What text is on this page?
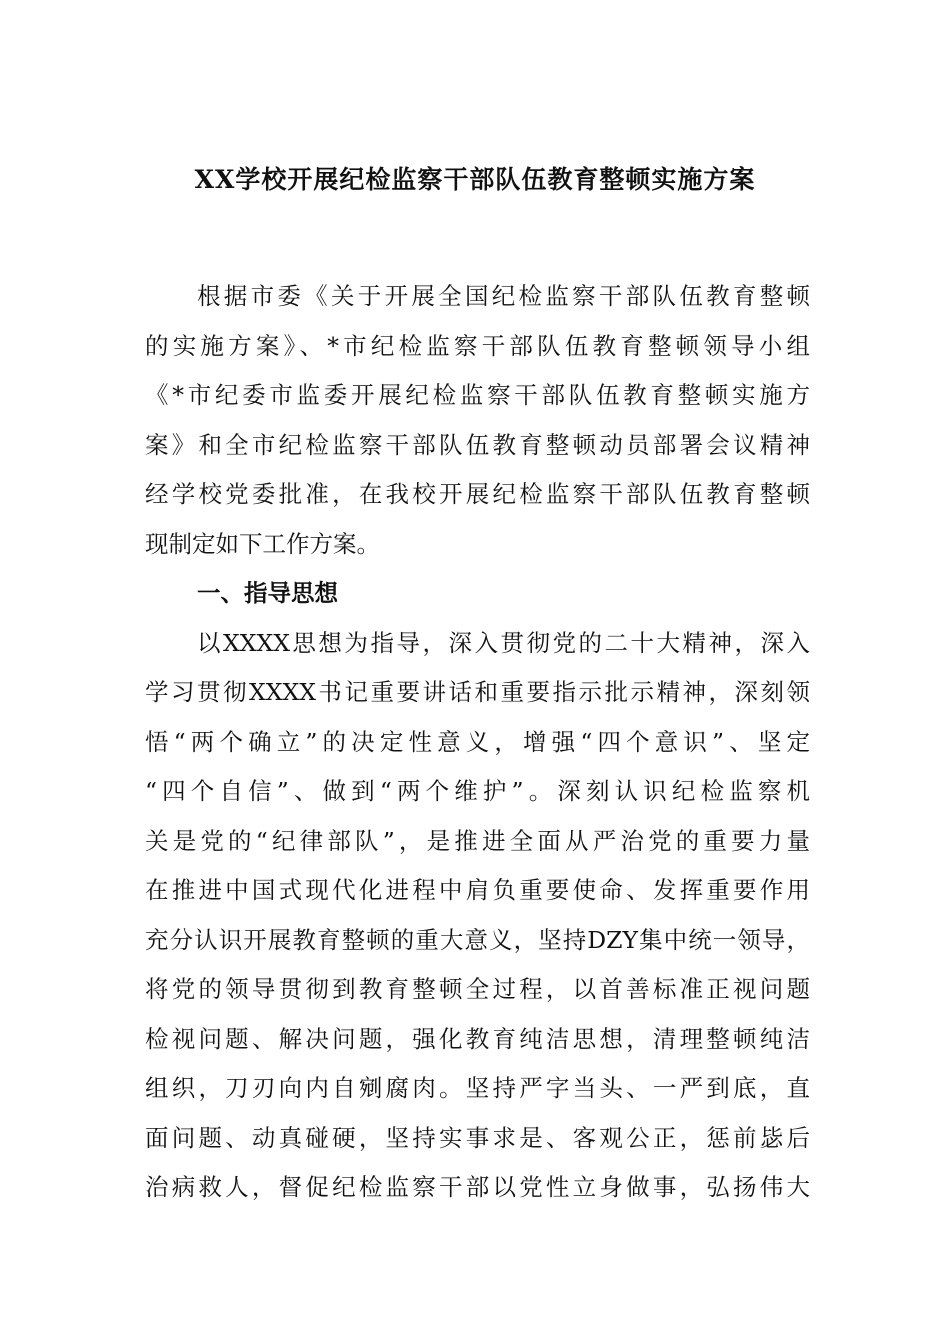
XX学校开展纪检监察干部队伍教育整顿实施方案
根据市委《关于开展全国纪检监察干部队伍教育整顿
的实施方案》、*市纪检监察干部队伍教育整顿领导小组
《*市纪委市监委开展纪检监察干部队伍教育整顿实施方
案》和全市纪检监察干部队伍教育整顿动员部署会议精神
经学校党委批准，在我校开展纪检监察干部队伍教育整顿
现制定如下工作方案。
一、指导思想
以XXXX思想为指导，深入贯彻党的二十大精神，深入
学习贯彻XXXX书记重要讲话和重要指示批示精神，深刻领
悟“两个确立”的决定性意义，增强“四个意识”、坚定
“四个自信”、做到“两个维护”。深刻认识纪检监察机
关是党的“纪律部队”，是推进全面从严治党的重要力量
在推进中国式现代化进程中肩负重要使命、发挥重要作用
充分认识开展教育整顿的重大意义，坚持DZY集中统一领导，
将党的领导贯彻到教育整顿全过程，以首善标准正视问题
检视问题、解决问题，强化教育纯洁思想，清理整顿纯洁
组织，刀刃向内自剜腐肉。坚持严字当头、一严到底，直
面问题、动真碰硬，坚持实事求是、客观公正，惩前毖后
治病救人，督促纪检监察干部以党性立身做事，弘扬伟大
